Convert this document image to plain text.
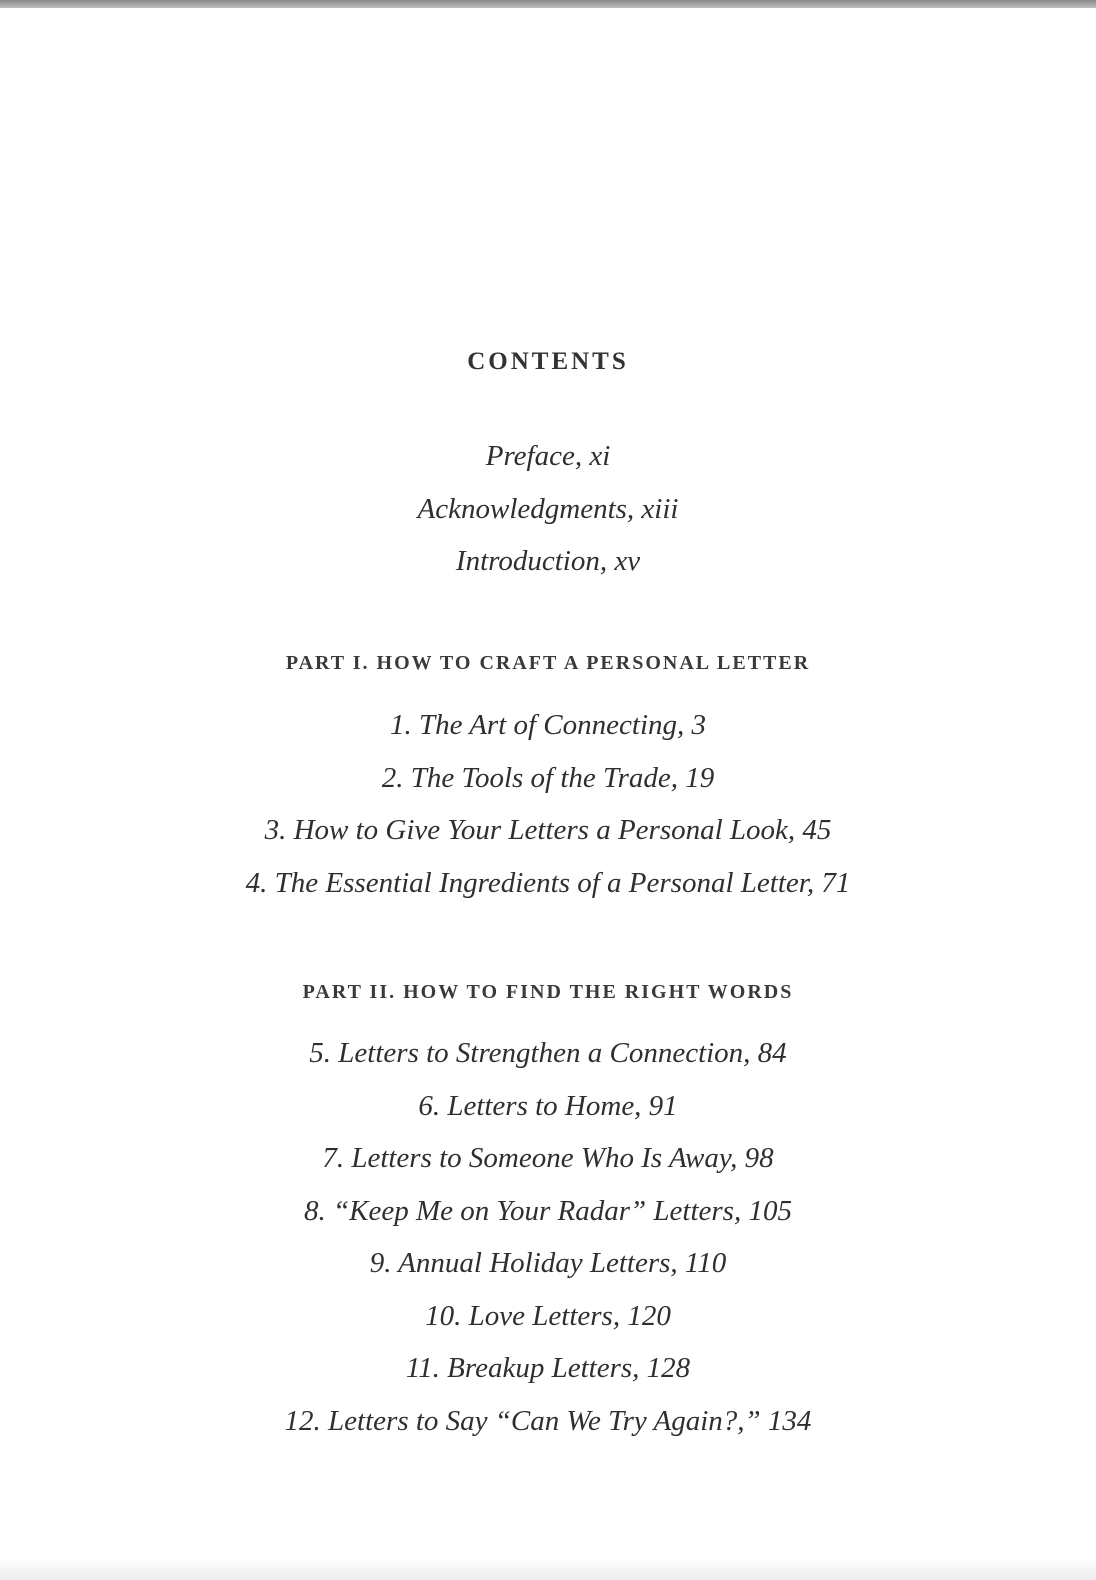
CONTENTS
Preface, xi
Acknowledgments, xiii
Introduction, xv
PART I. HOW TO CRAFT A PERSONAL LETTER
1. The Art of Connecting, 3
2. The Tools of the Trade, 19
3. How to Give Your Letters a Personal Look, 45
4. The Essential Ingredients of a Personal Letter, 71
PART II. HOW TO FIND THE RIGHT WORDS
5. Letters to Strengthen a Connection, 84
6. Letters to Home, 91
7. Letters to Someone Who Is Away, 98
8. “Keep Me on Your Radar” Letters, 105
9. Annual Holiday Letters, 110
10. Love Letters, 120
11. Breakup Letters, 128
12. Letters to Say “Can We Try Again?,” 134
